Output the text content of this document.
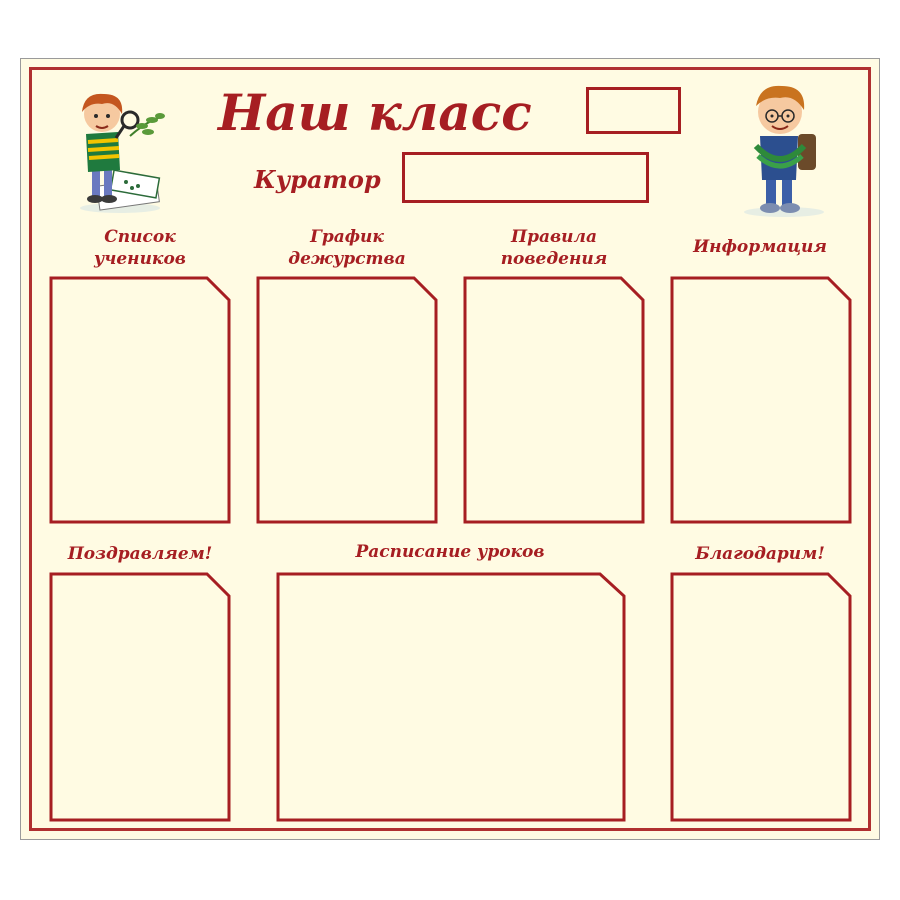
Наш класс
Куратор
Список
учеников
График
дежурства
Правила
поведения
Информация
Поздравляем!	Расписание уроков	Благодарим!
